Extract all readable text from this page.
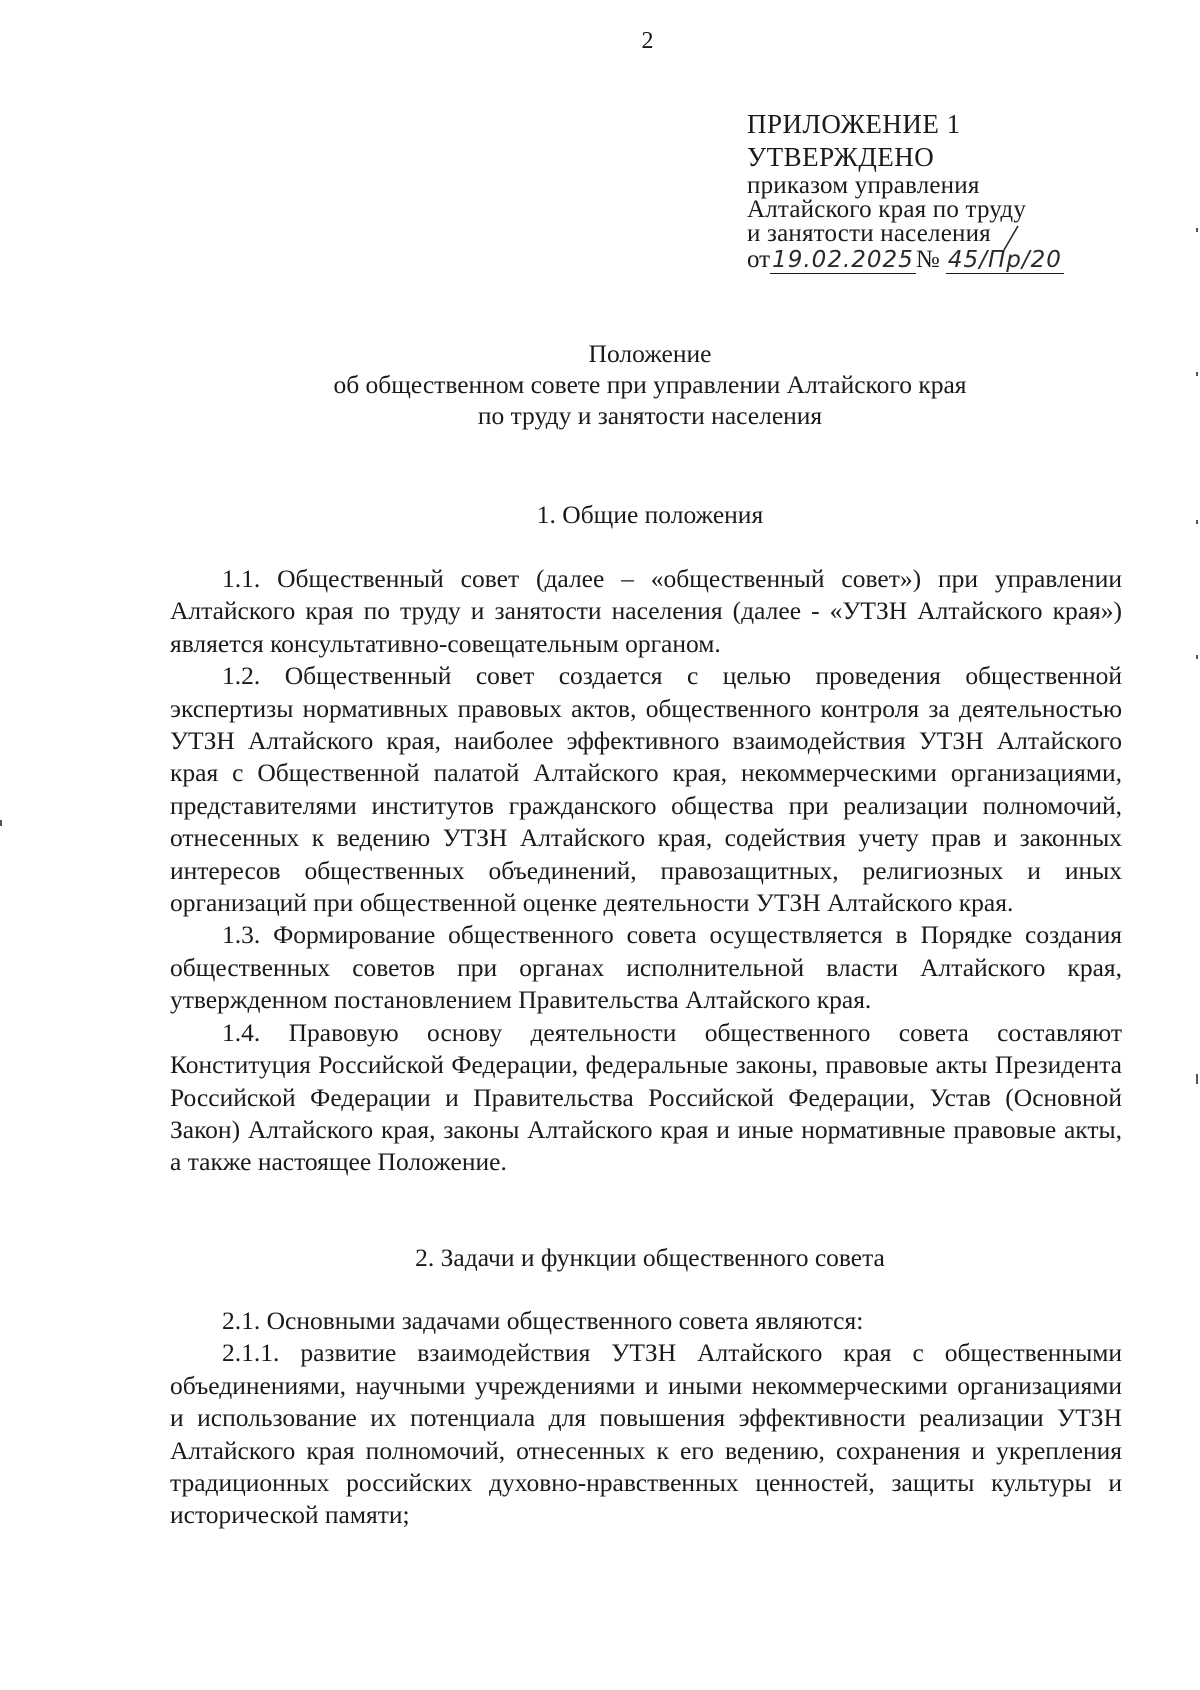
2
ПРИЛОЖЕНИЕ 1
УТВЕРЖДЕНО
приказом управления
Алтайского края по труду
и занятости населения
от19.02.2025№ 45/Пр/20
Положение
об общественном совете при управлении Алтайского края
по труду и занятости населения
1. Общие положения

1.1. Общественный совет (далее – «общественный совет») при управлении Алтайского края по труду и занятости населения (далее - «УТЗН Алтайского края») является консультативно-совещательным органом.

1.2. Общественный совет создается с целью проведения общественной экспертизы нормативных правовых актов, общественного контроля за деятельностью УТЗН Алтайского края, наиболее эффективного взаимодействия УТЗН Алтайского края с Общественной палатой Алтайского края, некоммерческими организациями, представителями институтов гражданского общества при реализации полномочий, отнесенных к ведению УТЗН Алтайского края, содействия учету прав и законных интересов общественных объединений, правозащитных, религиозных и иных организаций при общественной оценке деятельности УТЗН Алтайского края.

1.3. Формирование общественного совета осуществляется в Порядке создания общественных советов при органах исполнительной власти Алтайского края, утвержденном постановлением Правительства Алтайского края.

1.4. Правовую основу деятельности общественного совета составляют Конституция Российской Федерации, федеральные законы, правовые акты Президента Российской Федерации и Правительства Российской Федерации, Устав (Основной Закон) Алтайского края, законы Алтайского края и иные нормативные правовые акты, а также настоящее Положение.

2. Задачи и функции общественного совета

2.1. Основными задачами общественного совета являются:

2.1.1. развитие взаимодействия УТЗН Алтайского края с общественными объединениями, научными учреждениями и иными некоммерческими организациями и использование их потенциала для повышения эффективности реализации УТЗН Алтайского края полномочий, отнесенных к его ведению, сохранения и укрепления традиционных российских духовно-нравственных ценностей, защиты культуры и исторической памяти;
